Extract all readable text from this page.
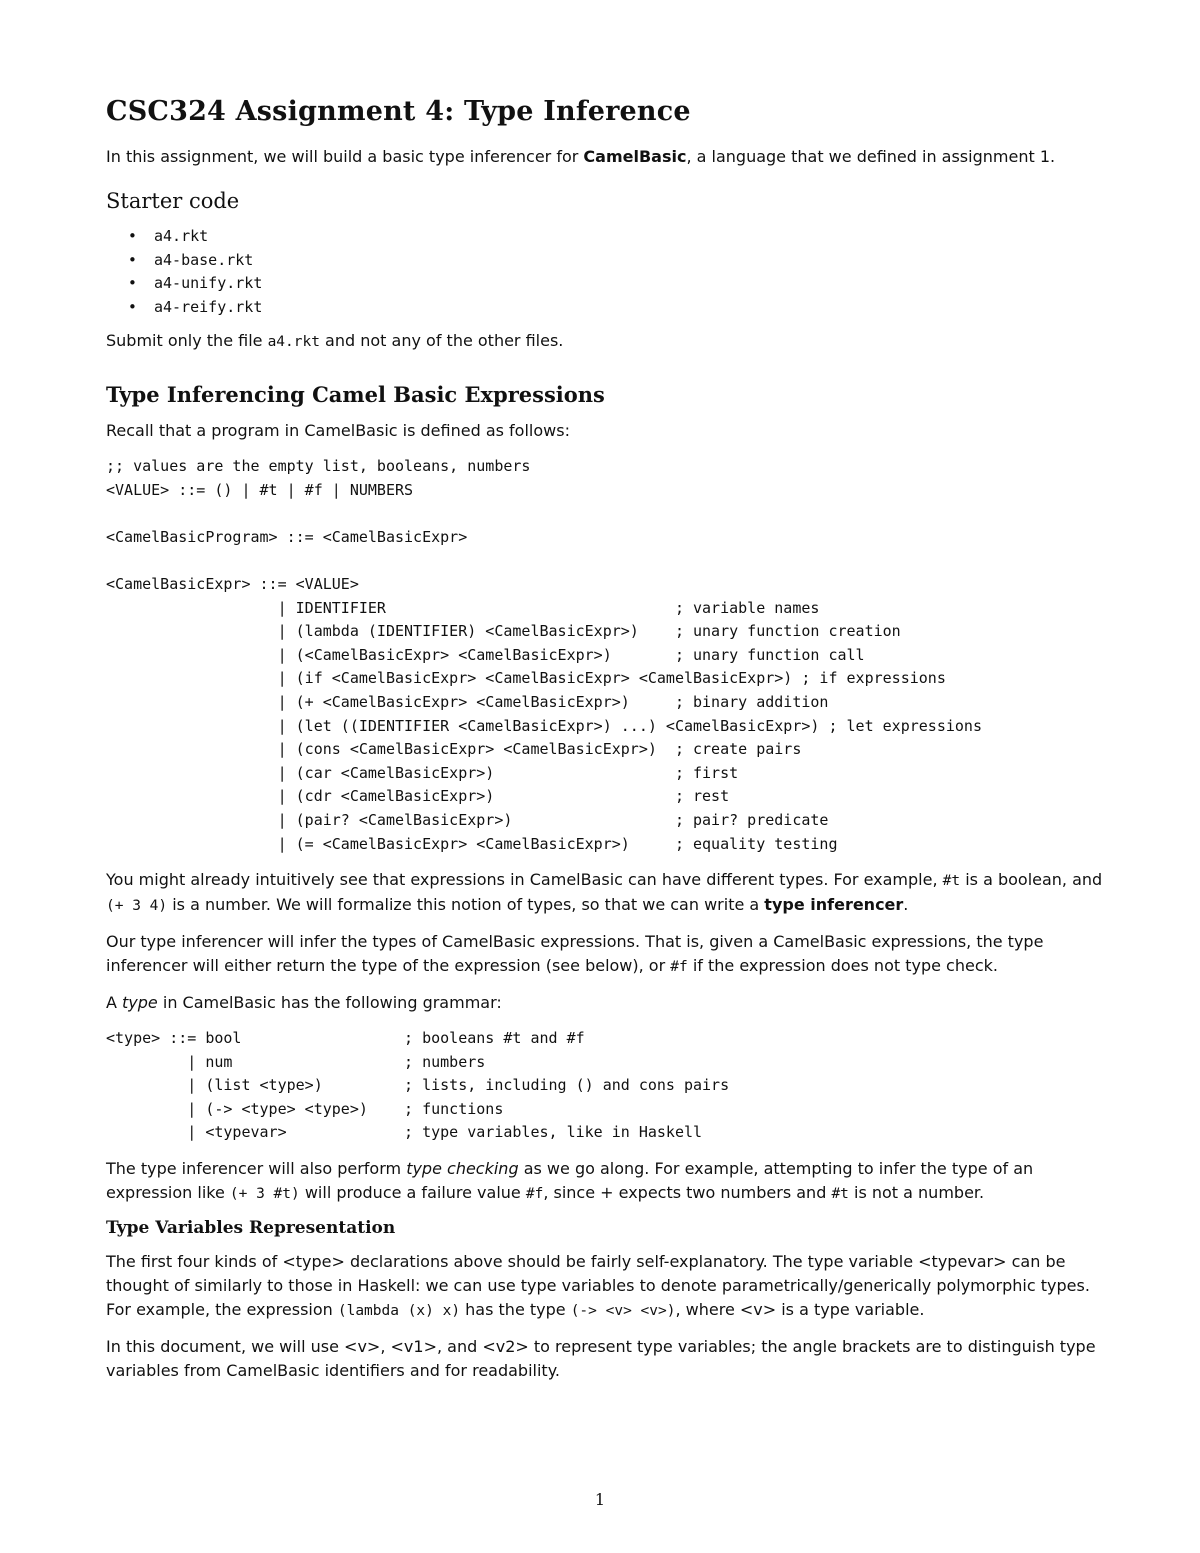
CSC324 Assignment 4: Type Inference

In this assignment, we will build a basic type inferencer for CamelBasic, a language that we defined in assignment 1.

Starter code
• a4.rkt
• a4-base.rkt
• a4-unify.rkt
• a4-reify.rkt

Submit only the file a4.rkt and not any of the other files.

Type Inferencing Camel Basic Expressions

Recall that a program in CamelBasic is defined as follows:

;; values are the empty list, booleans, numbers
<VALUE> ::= () | #t | #f | NUMBERS

<CamelBasicProgram> ::= <CamelBasicExpr>

<CamelBasicExpr> ::= <VALUE>
| IDENTIFIER                                ; variable names
| (lambda (IDENTIFIER) <CamelBasicExpr>)    ; unary function creation
| (<CamelBasicExpr> <CamelBasicExpr>)       ; unary function call
| (if <CamelBasicExpr> <CamelBasicExpr> <CamelBasicExpr>) ; if expressions
| (+ <CamelBasicExpr> <CamelBasicExpr>)     ; binary addition
| (let ((IDENTIFIER <CamelBasicExpr>) ...) <CamelBasicExpr>) ; let expressions
| (cons <CamelBasicExpr> <CamelBasicExpr>)  ; create pairs
| (car <CamelBasicExpr>)                    ; first
| (cdr <CamelBasicExpr>)                    ; rest
| (pair? <CamelBasicExpr>)                  ; pair? predicate
| (= <CamelBasicExpr> <CamelBasicExpr>)     ; equality testing

You might already intuitively see that expressions in CamelBasic can have different types. For example, #t is a boolean, and (+ 3 4) is a number. We will formalize this notion of types, so that we can write a type inferencer.

Our type inferencer will infer the types of CamelBasic expressions. That is, given a CamelBasic expressions, the type inferencer will either return the type of the expression (see below), or #f if the expression does not type check.

A type in CamelBasic has the following grammar:

<type> ::= bool                  ; booleans #t and #f
| num                   ; numbers
| (list <type>)         ; lists, including () and cons pairs
| (-> <type> <type>)    ; functions
| <typevar>             ; type variables, like in Haskell

The type inferencer will also perform type checking as we go along. For example, attempting to infer the type of an expression like (+ 3 #t) will produce a failure value #f, since + expects two numbers and #t is not a number.

Type Variables Representation

The first four kinds of <type> declarations above should be fairly self-explanatory. The type variable <typevar> can be thought of similarly to those in Haskell: we can use type variables to denote parametrically/generically polymorphic types. For example, the expression (lambda (x) x) has the type (-> <v> <v>), where <v> is a type variable.

In this document, we will use <v>, <v1>, and <v2> to represent type variables; the angle brackets are to distinguish type variables from CamelBasic identifiers and for readability.

1
